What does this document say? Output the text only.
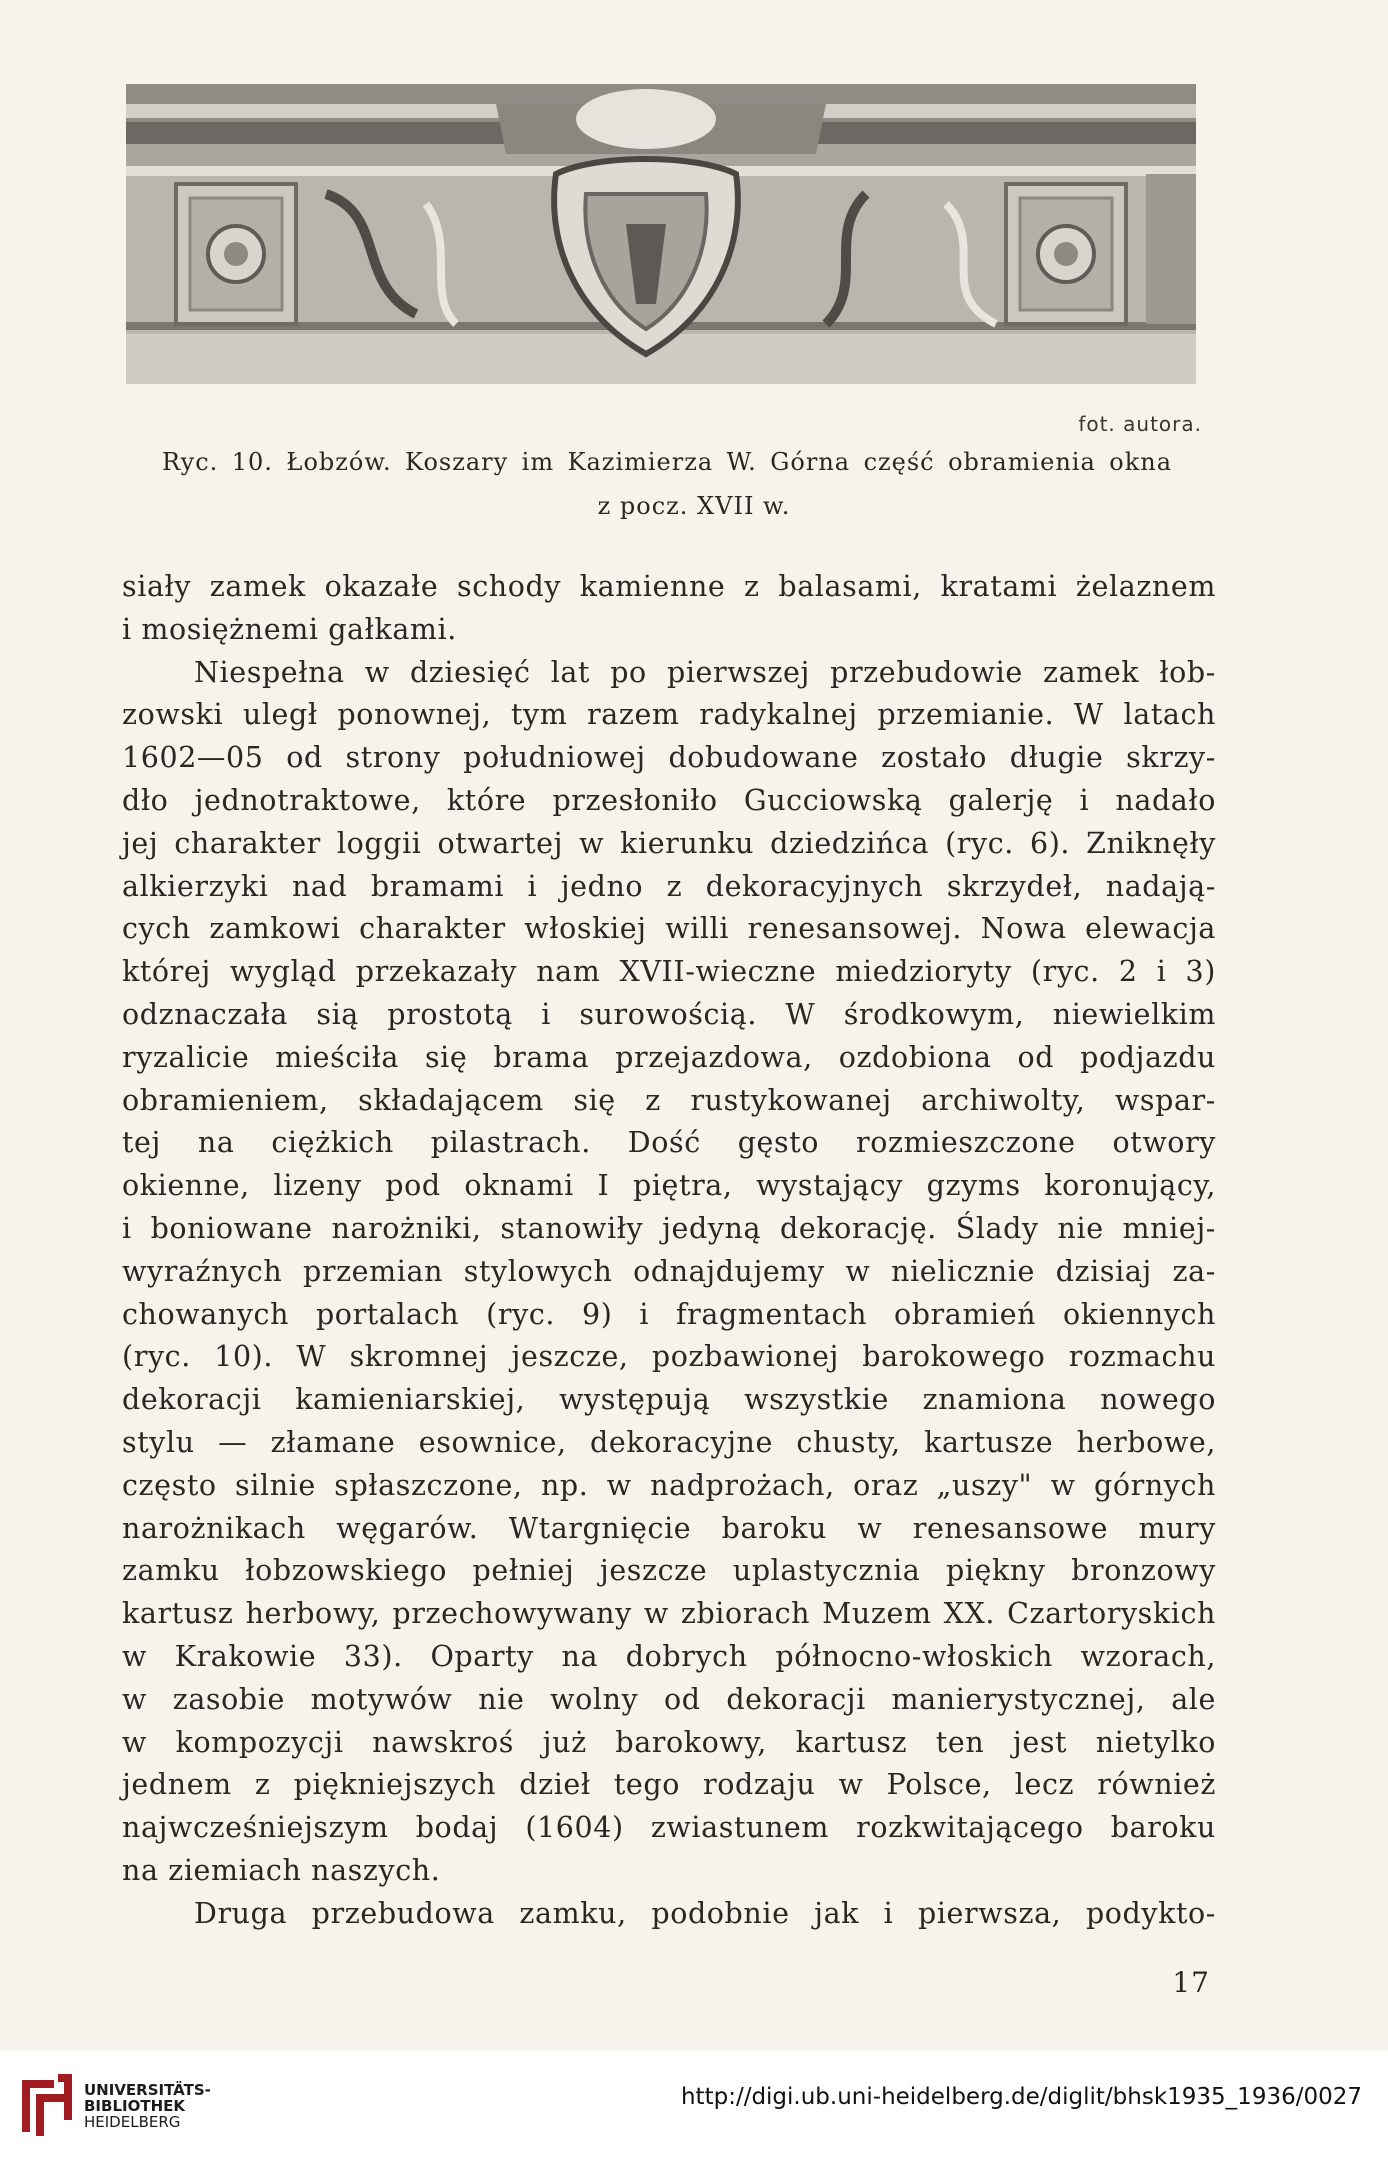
fot. autora.
Ryc. 10. Łobzów. Koszary im Kazimierza W. Górna część obramienia okna
z pocz. XVII w.
siały zamek okazałe schody kamienne z balasami, kratami żelaznem
i mosiężnemi gałkami.
Niespełna w dziesięć lat po pierwszej przebudowie zamek łob-
zowski uległ ponownej, tym razem radykalnej przemianie. W latach
1602—05 od strony południowej dobudowane zostało długie skrzy-
dło jednotraktowe, które przesłoniło Gucciowską galerję i nadało
jej charakter loggii otwartej w kierunku dziedzińca (ryc. 6). Zniknęły
alkierzyki nad bramami i jedno z dekoracyjnych skrzydeł, nadają-
cych zamkowi charakter włoskiej willi renesansowej. Nowa elewacja
której wygląd przekazały nam XVII-wieczne miedzioryty (ryc. 2 i 3)
odznaczała sią prostotą i surowością. W środkowym, niewielkim
ryzalicie mieściła się brama przejazdowa, ozdobiona od podjazdu
obramieniem, składającem się z rustykowanej archiwolty, wspar-
tej na ciężkich pilastrach. Dość gęsto rozmieszczone otwory
okienne, lizeny pod oknami I piętra, wystający gzyms koronujący,
i boniowane narożniki, stanowiły jedyną dekorację. Ślady nie mniej-
wyraźnych przemian stylowych odnajdujemy w nielicznie dzisiaj za-
chowanych portalach (ryc. 9) i fragmentach obramień okiennych
(ryc. 10). W skromnej jeszcze, pozbawionej barokowego rozmachu
dekoracji kamieniarskiej, występują wszystkie znamiona nowego
stylu — złamane esownice, dekoracyjne chusty, kartusze herbowe,
często silnie spłaszczone, np. w nadprożach, oraz „uszy" w górnych
narożnikach węgarów. Wtargnięcie baroku w renesansowe mury
zamku łobzowskiego pełniej jeszcze uplastycznia piękny bronzowy
kartusz herbowy, przechowywany w zbiorach Muzem XX. Czartoryskich
w Krakowie 33). Oparty na dobrych północno-włoskich wzorach,
w zasobie motywów nie wolny od dekoracji manierystycznej, ale
w kompozycji nawskroś już barokowy, kartusz ten jest nietylko
jednem z piękniejszych dzieł tego rodzaju w Polsce, lecz również
najwcześniejszym bodaj (1604) zwiastunem rozkwitającego baroku
na ziemiach naszych.
Druga przebudowa zamku, podobnie jak i pierwsza, podykto-
17
UNIVERSITÄTS-
BIBLIOTHEK
HEIDELBERG
http://digi.ub.uni-heidelberg.de/diglit/bhsk1935_1936/0027
